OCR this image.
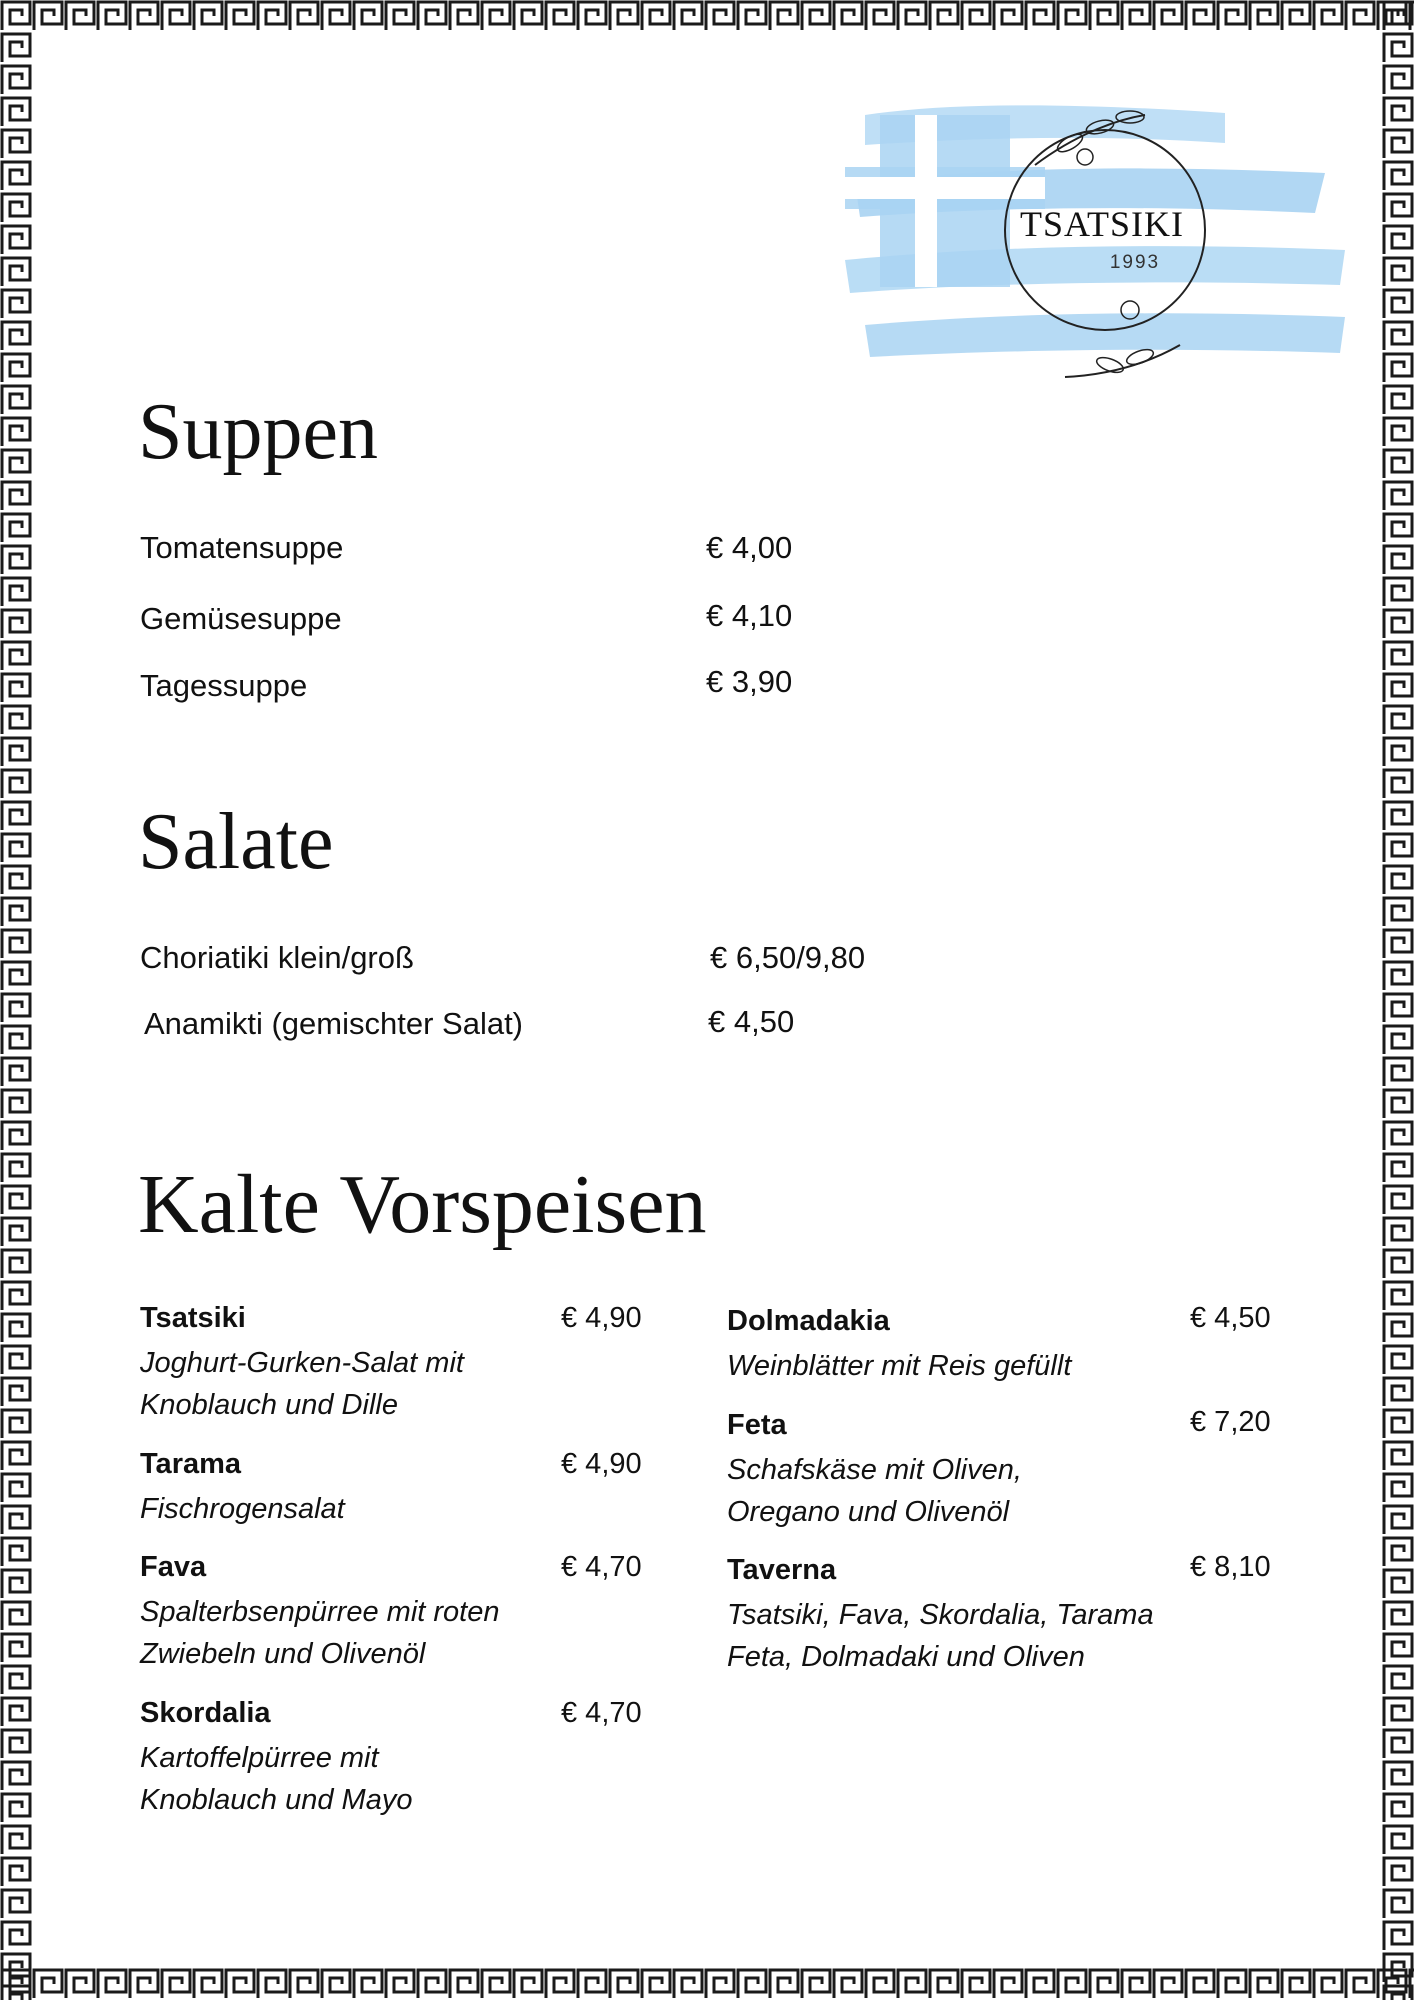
TSATSIKI
1993
Suppen
Tomatensuppe	€ 4,00
Gemüsesuppe	€ 4,10
Tagessuppe	€ 3,90
Salate
Choriatiki klein/groß	€ 6,50/9,80
Anamikti (gemischter Salat)	€ 4,50
Kalte Vorspeisen
Tsatsiki	€ 4,90
Joghurt-Gurken-Salat mit
Knoblauch und Dille
Tarama	€ 4,90
Fischrogensalat
Fava	€ 4,70
Spalterbsenpürree mit roten
Zwiebeln und Olivenöl
Skordalia	€ 4,70
Kartoffelpürree mit
Knoblauch und Mayo
Dolmadakia	€ 4,50
Weinblätter mit Reis gefüllt
Feta	€ 7,20
Schafskäse mit Oliven,
Oregano und Olivenöl
Taverna	€ 8,10
Tsatsiki, Fava, Skordalia, Tarama
Feta, Dolmadaki und Oliven
